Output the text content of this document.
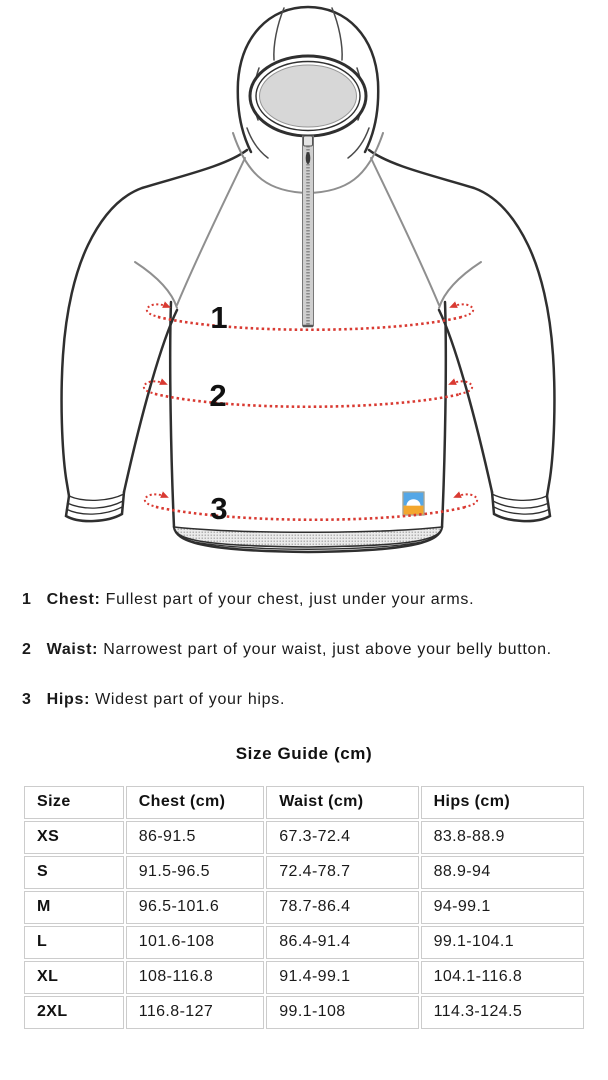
1
2
3

1 Chest: Fullest part of your chest, just under your arms.

2 Waist: Narrowest part of your waist, just above your belly button.

3 Hips: Widest part of your hips.

Size Guide (cm)
Size	Chest (cm)	Waist (cm)	Hips (cm)
XS	86-91.5	67.3-72.4	83.8-88.9
S	91.5-96.5	72.4-78.7	88.9-94
M	96.5-101.6	78.7-86.4	94-99.1
L	101.6-108	86.4-91.4	99.1-104.1
XL	108-116.8	91.4-99.1	104.1-116.8
2XL	116.8-127	99.1-108	114.3-124.5
